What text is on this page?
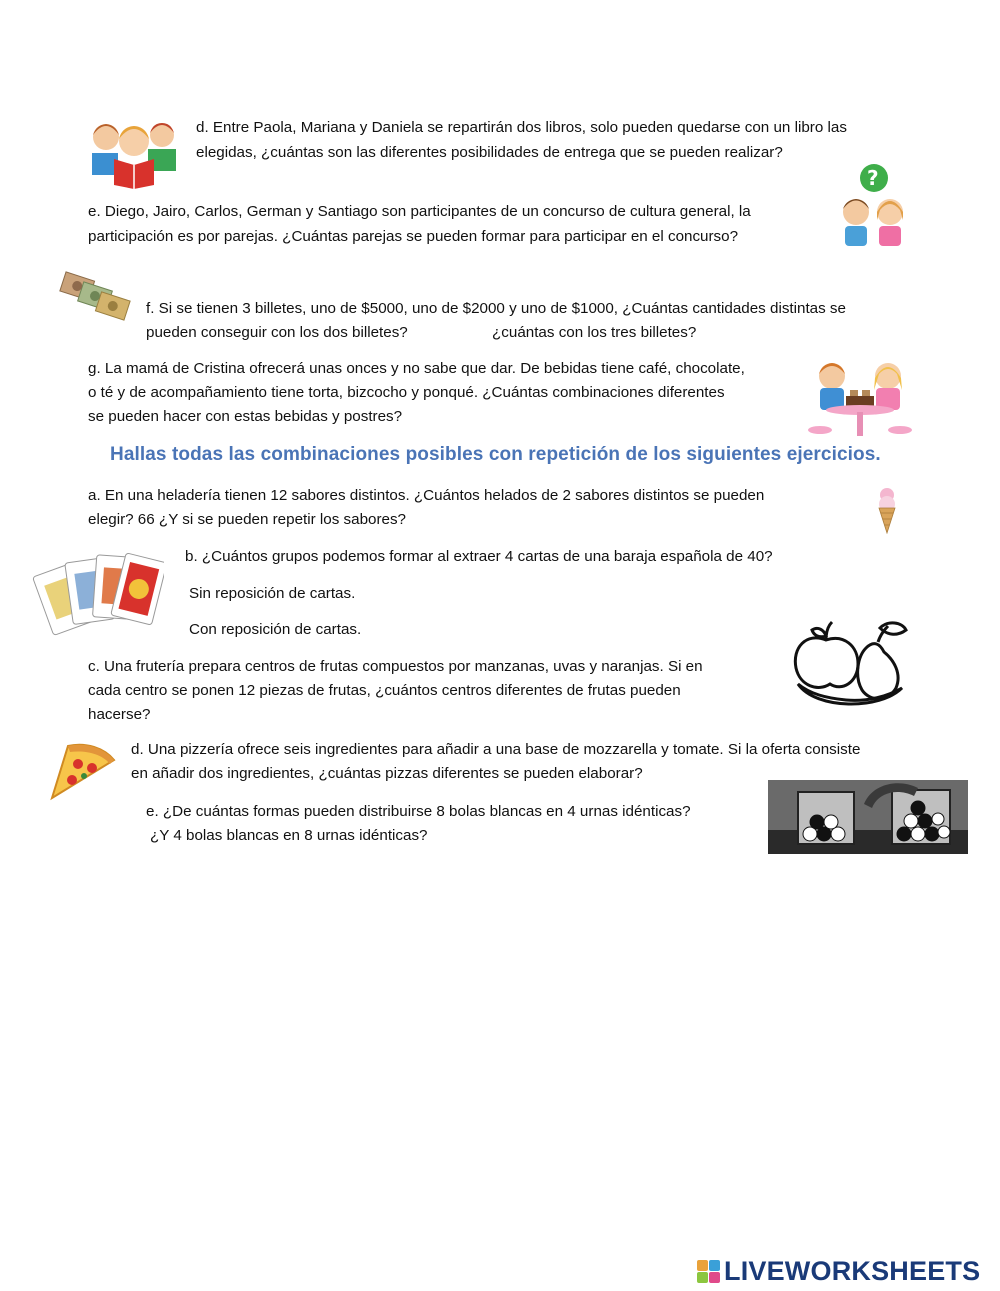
d. Entre Paola, Mariana y Daniela se repartirán dos libros, solo pueden quedarse con un libro las
elegidas, ¿cuántas son las diferentes posibilidades de entrega que se pueden realizar?
e. Diego, Jairo, Carlos, German y Santiago son participantes de un concurso de cultura general, la
participación es por parejas. ¿Cuántas parejas se pueden formar para participar en el concurso?
?
f. Si se tienen 3 billetes, uno de $5000, uno de $2000 y uno de $1000, ¿Cuántas cantidades distintas se
pueden conseguir con los dos billetes?	¿cuántas con los tres billetes?
g. La mamá de Cristina ofrecerá unas onces y no sabe que dar. De bebidas tiene café, chocolate,
o té y de acompañamiento tiene torta, bizcocho y ponqué. ¿Cuántas combinaciones diferentes
se pueden hacer con estas bebidas y postres?
Hallas todas las combinaciones posibles con repetición de los siguientes ejercicios.
a. En una heladería tienen 12 sabores distintos. ¿Cuántos helados de 2 sabores distintos se pueden
elegir? 66 ¿Y si se pueden repetir los sabores?
b. ¿Cuántos grupos podemos formar al extraer 4 cartas de una baraja española de 40?
Sin reposición de cartas.
Con reposición de cartas.
c. Una frutería prepara centros de frutas compuestos por manzanas, uvas y naranjas. Si en
cada centro se ponen 12 piezas de frutas, ¿cuántos centros diferentes de frutas pueden
hacerse?
d. Una pizzería ofrece seis ingredientes para añadir a una base de mozzarella y tomate. Si la oferta consiste
en añadir dos ingredientes, ¿cuántas pizzas diferentes se pueden elaborar?
e. ¿De cuántas formas pueden distribuirse 8 bolas blancas en 4 urnas idénticas?
¿Y 4 bolas blancas en 8 urnas idénticas?
LIVEWORKSHEETS
